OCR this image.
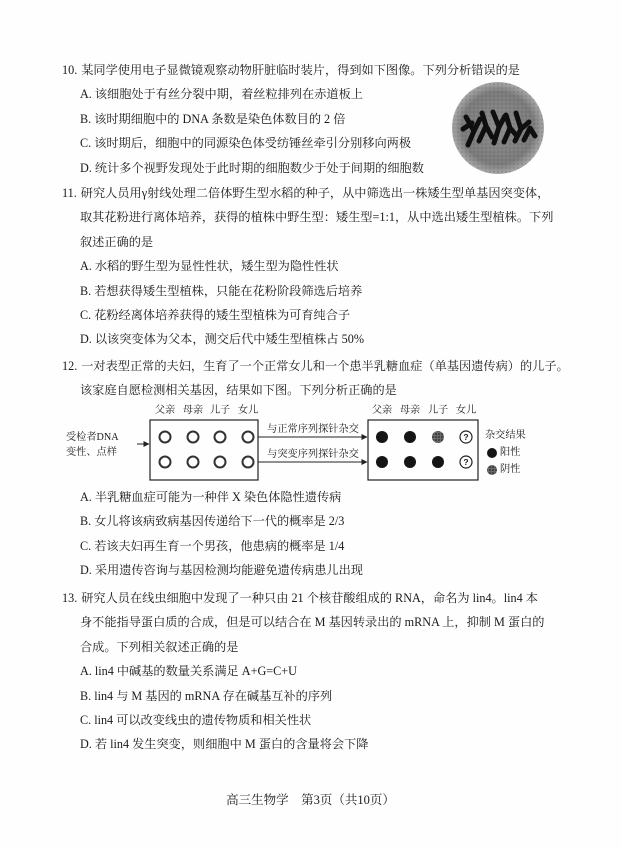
10. 某同学使用电子显微镜观察动物肝脏临时装片，得到如下图像。下列分析错误的是
A. 该细胞处于有丝分裂中期，着丝粒排列在赤道板上
B. 该时期细胞中的 DNA 条数是染色体数目的 2 倍
C. 该时期后，细胞中的同源染色体受纺锤丝牵引分别移向两极
D. 统计多个视野发现处于此时期的细胞数少于处于间期的细胞数
11. 研究人员用γ射线处理二倍体野生型水稻的种子，从中筛选出一株矮生型单基因突变体，
取其花粉进行离体培养，获得的植株中野生型：矮生型=1:1，从中选出矮生型植株。下列
叙述正确的是
A. 水稻的野生型为显性性状，矮生型为隐性性状
B. 若想获得矮生型植株，只能在花粉阶段筛选后培养
C. 花粉经离体培养获得的矮生型植株为可育纯合子
D. 以该突变体为父本，测交后代中矮生型植株占 50%
12. 一对表型正常的夫妇，生育了一个正常女儿和一个患半乳糖血症（单基因遗传病）的儿子。
该家庭自愿检测相关基因，结果如下图。下列分析正确的是
A. 半乳糖血症可能为一种伴 X 染色体隐性遗传病
B. 女儿将该病致病基因传递给下一代的概率是 2/3
C. 若该夫妇再生育一个男孩，他患病的概率是 1/4
D. 采用遗传咨询与基因检测均能避免遗传病患儿出现
?
?
受检者DNA
变性、点样
父亲 母亲 儿子 女儿
与正常序列探针杂交
与突变序列探针杂交
父亲 母亲 儿子 女儿
杂交结果
阳性
阴性
13. 研究人员在线虫细胞中发现了一种只由 21 个核苷酸组成的 RNA，命名为 lin4。lin4 本
身不能指导蛋白质的合成，但是可以结合在 M 基因转录出的 mRNA 上，抑制 M 蛋白的
合成。下列相关叙述正确的是
A. lin4 中碱基的数量关系满足 A+G=C+U
B. lin4 与 M 基因的 mRNA 存在碱基互补的序列
C. lin4 可以改变线虫的遗传物质和相关性状
D. 若 lin4 发生突变，则细胞中 M 蛋白的含量将会下降
高三生物学　第3页（共10页）
